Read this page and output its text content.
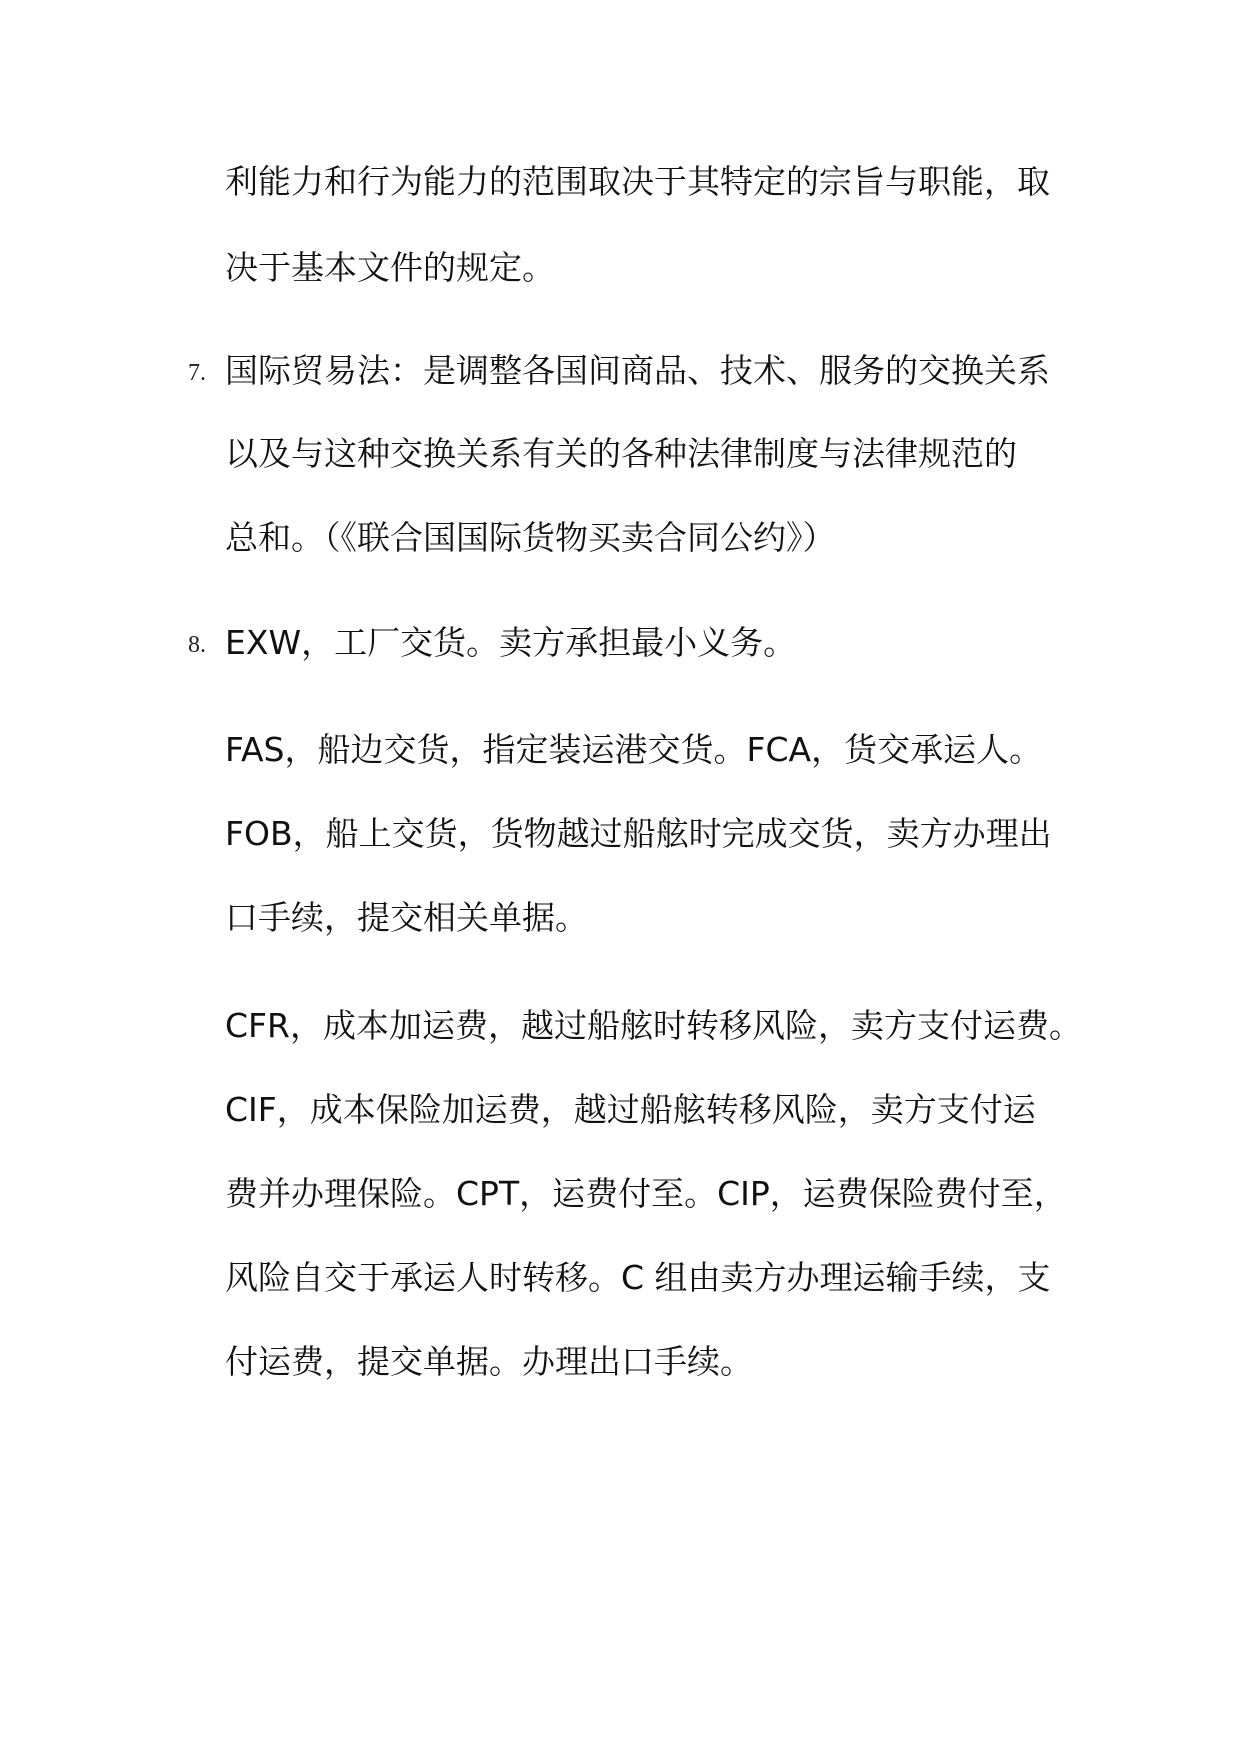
利能力和行为能力的范围取决于其特定的宗旨与职能，取
决于基本文件的规定。
7. 国际贸易法：是调整各国间商品、技术、服务的交换关系
以及与这种交换关系有关的各种法律制度与法律规范的
总和。（《联合国国际货物买卖合同公约》）
8. EXW，工厂交货。卖方承担最小义务。
FAS，船边交货，指定装运港交货。FCA，货交承运人。
FOB，船上交货，货物越过船舷时完成交货，卖方办理出
口手续，提交相关单据。
CFR，成本加运费，越过船舷时转移风险，卖方支付运费。
CIF，成本保险加运费，越过船舷转移风险，卖方支付运
费并办理保险。CPT，运费付至。CIP，运费保险费付至，
风险自交于承运人时转移。C 组由卖方办理运输手续，支
付运费，提交单据。办理出口手续。
